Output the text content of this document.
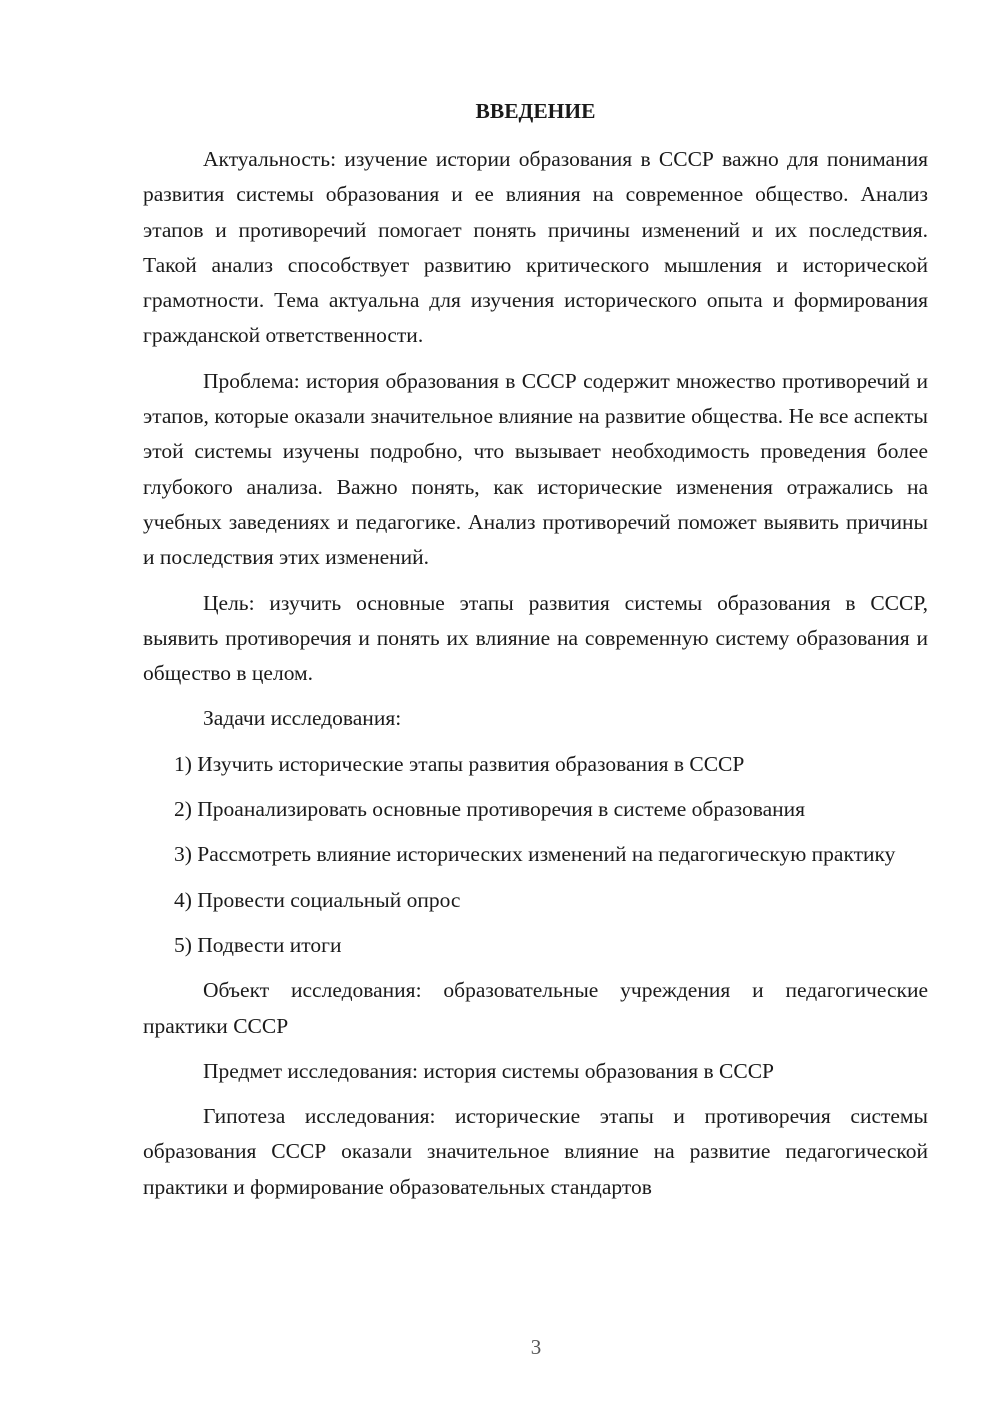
ВВЕДЕНИЕ

Актуальность: изучение истории образования в СССР важно для понимания развития системы образования и ее влияния на современное общество. Анализ этапов и противоречий помогает понять причины изменений и их последствия. Такой анализ способствует развитию критического мышления и исторической грамотности. Тема актуальна для изучения исторического опыта и формирования гражданской ответственности.

Проблема: история образования в СССР содержит множество противоречий и этапов, которые оказали значительное влияние на развитие общества. Не все аспекты этой системы изучены подробно, что вызывает необходимость проведения более глубокого анализа. Важно понять, как исторические изменения отражались на учебных заведениях и педагогике. Анализ противоречий поможет выявить причины и последствия этих изменений.

Цель: изучить основные этапы развития системы образования в СССР, выявить противоречия и понять их влияние на современную систему образования и общество в целом.

Задачи исследования:

1) Изучить исторические этапы развития образования в СССР

2) Проанализировать основные противоречия в системе образования

3) Рассмотреть влияние исторических изменений на педагогическую практику

4) Провести социальный опрос

5) Подвести итоги

Объект исследования: образовательные учреждения и педагогические практики СССР

Предмет исследования: история системы образования в СССР

Гипотеза исследования: исторические этапы и противоречия системы образования СССР оказали значительное влияние на развитие педагогической практики и формирование образовательных стандартов

3
